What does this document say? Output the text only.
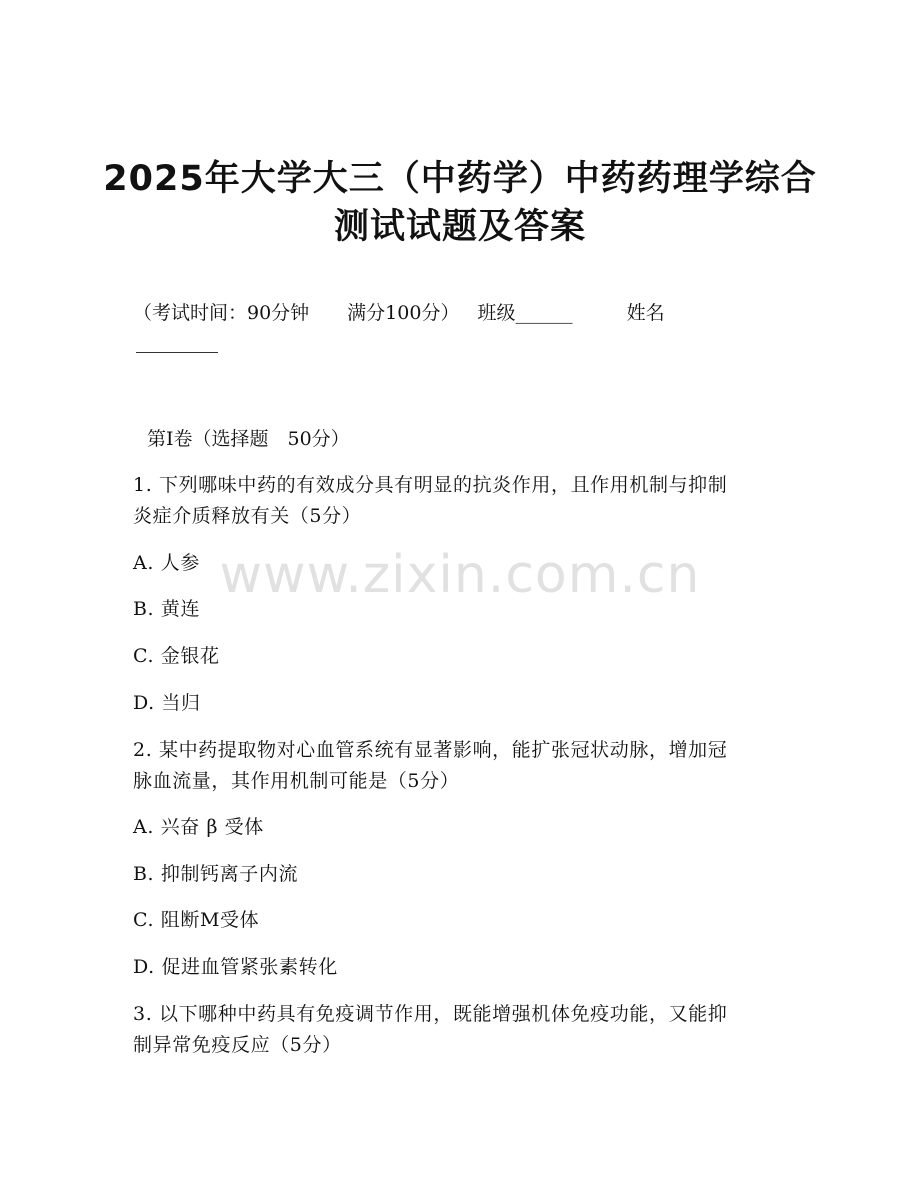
2025年大学大三（中药学）中药药理学综合
测试试题及答案
（考试时间：90分钟　　满分100分） 班级______	姓名
第Ⅰ卷（选择题　50分）
1. 下列哪味中药的有效成分具有明显的抗炎作用，且作用机制与抑制
炎症介质释放有关（5分）
A. 人参
B. 黄连
C. 金银花
D. 当归
2. 某中药提取物对心血管系统有显著影响，能扩张冠状动脉，增加冠
脉血流量，其作用机制可能是（5分）
A. 兴奋 β 受体
B. 抑制钙离子内流
C. 阻断M受体
D. 促进血管紧张素转化
3. 以下哪种中药具有免疫调节作用，既能增强机体免疫功能，又能抑
制异常免疫反应（5分）
www.zixin.com.cn
